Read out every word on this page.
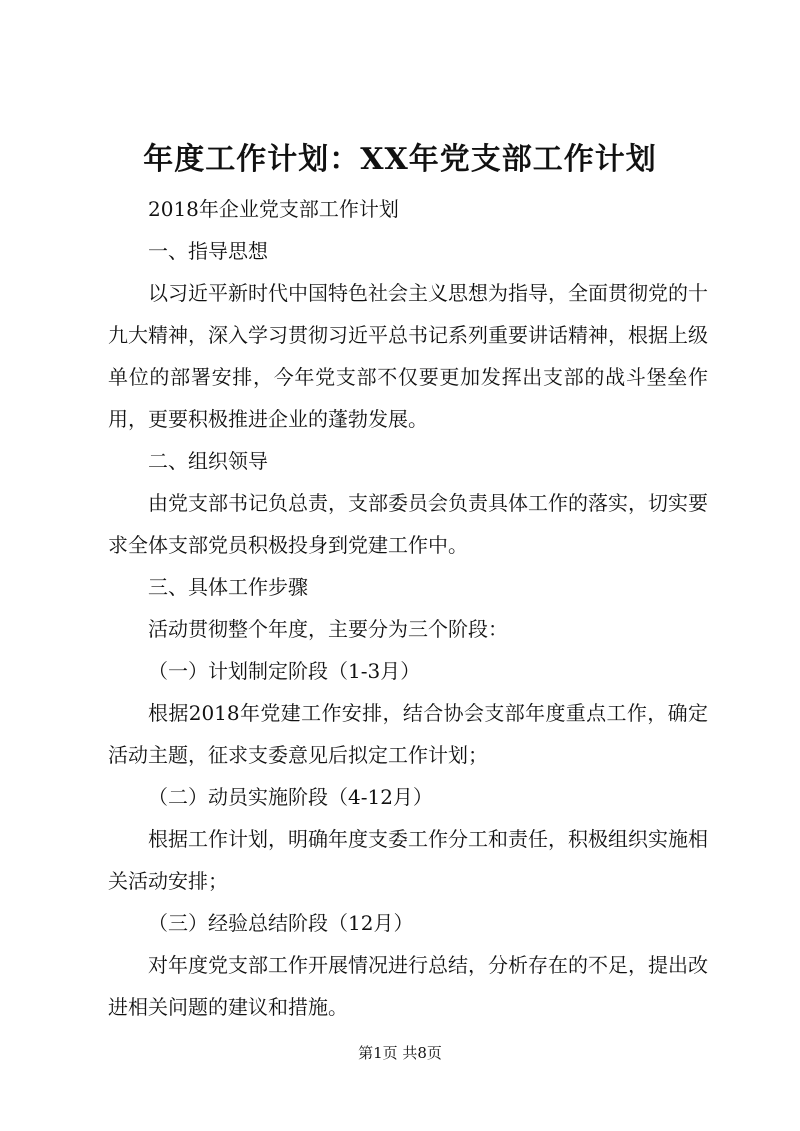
年度工作计划：XX年党支部工作计划

2018年企业党支部工作计划

一、指导思想

以习近平新时代中国特色社会主义思想为指导，全面贯彻党的十九大精神，深入学习贯彻习近平总书记系列重要讲话精神，根据上级单位的部署安排，今年党支部不仅要更加发挥出支部的战斗堡垒作用，更要积极推进企业的蓬勃发展。

二、组织领导

由党支部书记负总责，支部委员会负责具体工作的落实，切实要求全体支部党员积极投身到党建工作中。

三、具体工作步骤

活动贯彻整个年度，主要分为三个阶段：

（一）计划制定阶段（1-3月）

根据2018年党建工作安排，结合协会支部年度重点工作，确定活动主题，征求支委意见后拟定工作计划；

（二）动员实施阶段（4-12月）

根据工作计划，明确年度支委工作分工和责任，积极组织实施相关活动安排；

（三）经验总结阶段（12月）

对年度党支部工作开展情况进行总结，分析存在的不足，提出改进相关问题的建议和措施。

第1页 共8页
